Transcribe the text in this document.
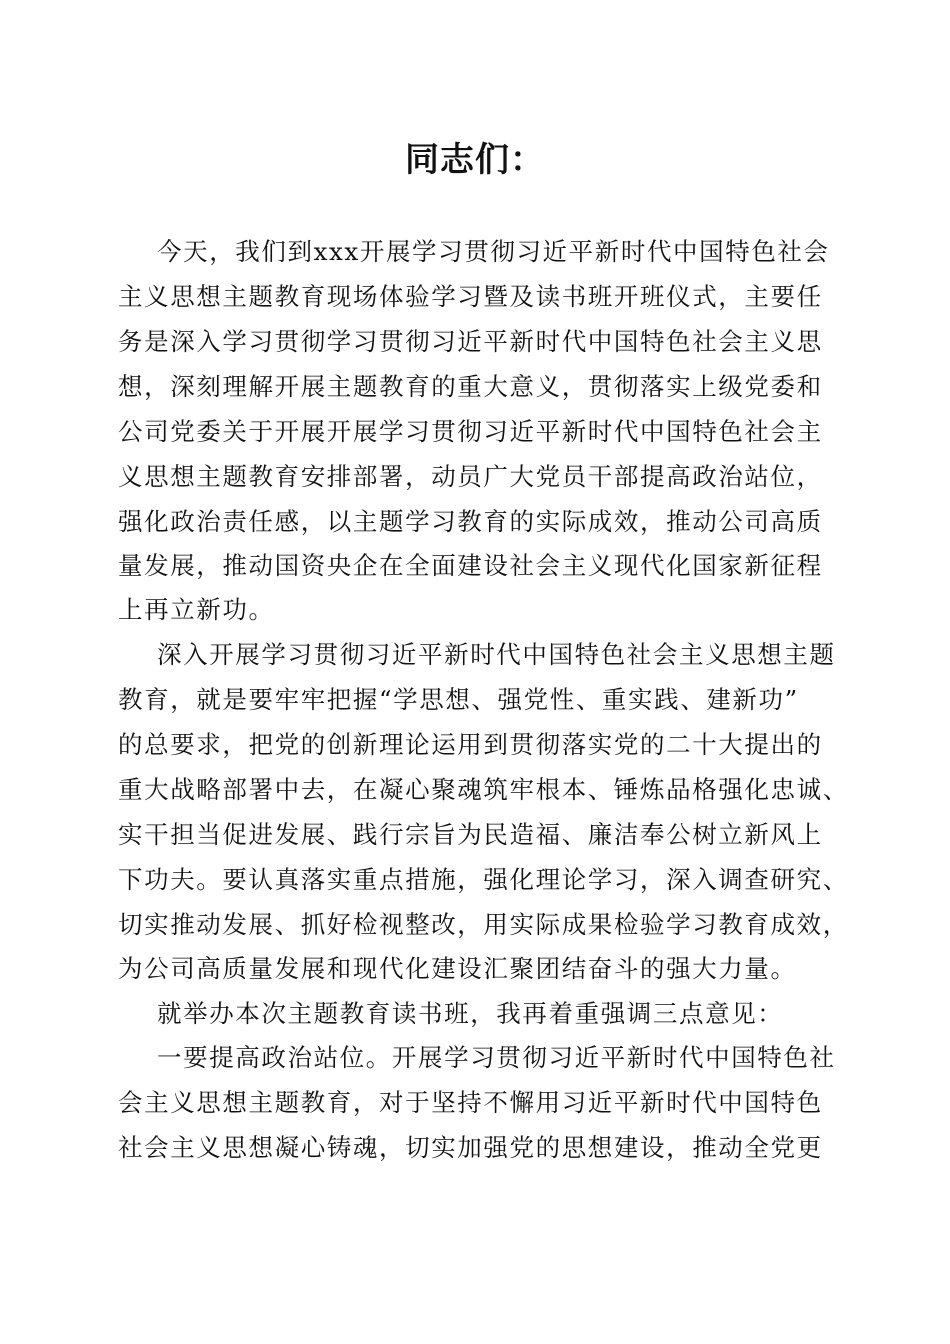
同志们：
今天，我们到xxx开展学习贯彻习近平新时代中国特色社会
主义思想主题教育现场体验学习暨及读书班开班仪式，主要任
务是深入学习贯彻学习贯彻习近平新时代中国特色社会主义思
想，深刻理解开展主题教育的重大意义，贯彻落实上级党委和
公司党委关于开展开展学习贯彻习近平新时代中国特色社会主
义思想主题教育安排部署，动员广大党员干部提高政治站位，
强化政治责任感，以主题学习教育的实际成效，推动公司高质
量发展，推动国资央企在全面建设社会主义现代化国家新征程
上再立新功。
深入开展学习贯彻习近平新时代中国特色社会主义思想主题
教育，就是要牢牢把握“学思想、强党性、重实践、建新功”
的总要求，把党的创新理论运用到贯彻落实党的二十大提出的
重大战略部署中去，在凝心聚魂筑牢根本、锤炼品格强化忠诚、
实干担当促进发展、践行宗旨为民造福、廉洁奉公树立新风上
下功夫。要认真落实重点措施，强化理论学习，深入调查研究、
切实推动发展、抓好检视整改，用实际成果检验学习教育成效，
为公司高质量发展和现代化建设汇聚团结奋斗的强大力量。
就举办本次主题教育读书班，我再着重强调三点意见：
一要提高政治站位。开展学习贯彻习近平新时代中国特色社
会主义思想主题教育，对于坚持不懈用习近平新时代中国特色
社会主义思想凝心铸魂，切实加强党的思想建设，推动全党更
